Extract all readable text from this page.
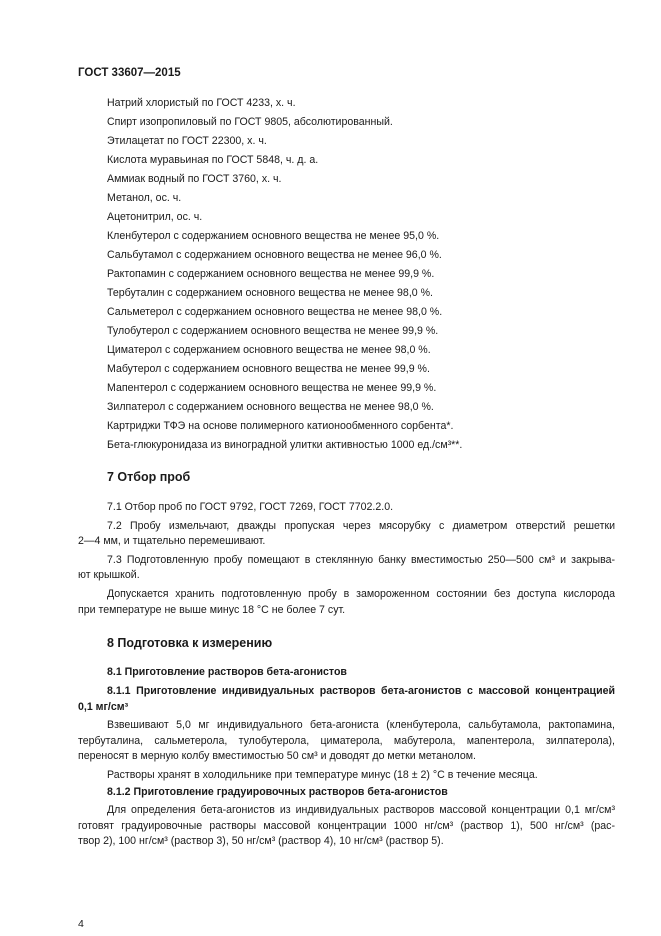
ГОСТ 33607—2015
Натрий хлористый по ГОСТ 4233, х. ч.
Спирт изопропиловый по ГОСТ 9805, абсолютированный.
Этилацетат по ГОСТ 22300, х. ч.
Кислота муравьиная по ГОСТ 5848, ч. д. а.
Аммиак водный по ГОСТ 3760, х. ч.
Метанол, ос. ч.
Ацетонитрил, ос. ч.
Кленбутерол с содержанием основного вещества не менее 95,0 %.
Сальбутамол с содержанием основного вещества не менее 96,0 %.
Рактопамин с содержанием основного вещества не менее 99,9 %.
Тербуталин с содержанием основного вещества не менее 98,0 %.
Сальметерол с содержанием основного вещества не менее 98,0 %.
Тулобутерол с содержанием основного вещества не менее 99,9 %.
Циматерол с содержанием основного вещества не менее 98,0 %.
Мабутерол с содержанием основного вещества не менее 99,9 %.
Мапентерол с содержанием основного вещества не менее 99,9 %.
Зилпатерол с содержанием основного вещества не менее 98,0 %.
Картриджи ТФЭ на основе полимерного катионообменного сорбента*.
Бета-глюкуронидаза из виноградной улитки активностью 1000 ед./см³**.
7 Отбор проб
7.1 Отбор проб по ГОСТ 9792, ГОСТ 7269, ГОСТ 7702.2.0.
7.2 Пробу измельчают, дважды пропуская через мясорубку с диаметром отверстий решетки
2—4 мм, и тщательно перемешивают.
7.3 Подготовленную пробу помещают в стеклянную банку вместимостью 250—500 см³ и закрыва-
ют крышкой.
Допускается хранить подготовленную пробу в замороженном состоянии без доступа кислорода
при температуре не выше минус 18 °C не более 7 сут.
8 Подготовка к измерению
8.1 Приготовление растворов бета-агонистов
8.1.1 Приготовление индивидуальных растворов бета-агонистов с массовой концентрацией
0,1 мг/см³
Взвешивают 5,0 мг индивидуального бета-агониста (кленбутерола, сальбутамола, рактопамина,
тербуталина, сальметерола, тулобутерола, циматерола, мабутерола, мапентерола, зилпатерола),
переносят в мерную колбу вместимостью 50 см³ и доводят до метки метанолом.
Растворы хранят в холодильнике при температуре минус (18 ± 2) °С в течение месяца.
8.1.2 Приготовление градуировочных растворов бета-агонистов
Для определения бета-агонистов из индивидуальных растворов массовой концентрации 0,1 мг/см³
готовят градуировочные растворы массовой концентрации 1000 нг/см³ (раствор 1), 500 нг/см³ (рас-
твор 2), 100 нг/см³ (раствор 3), 50 нг/см³ (раствор 4), 10 нг/см³ (раствор 5).
4
